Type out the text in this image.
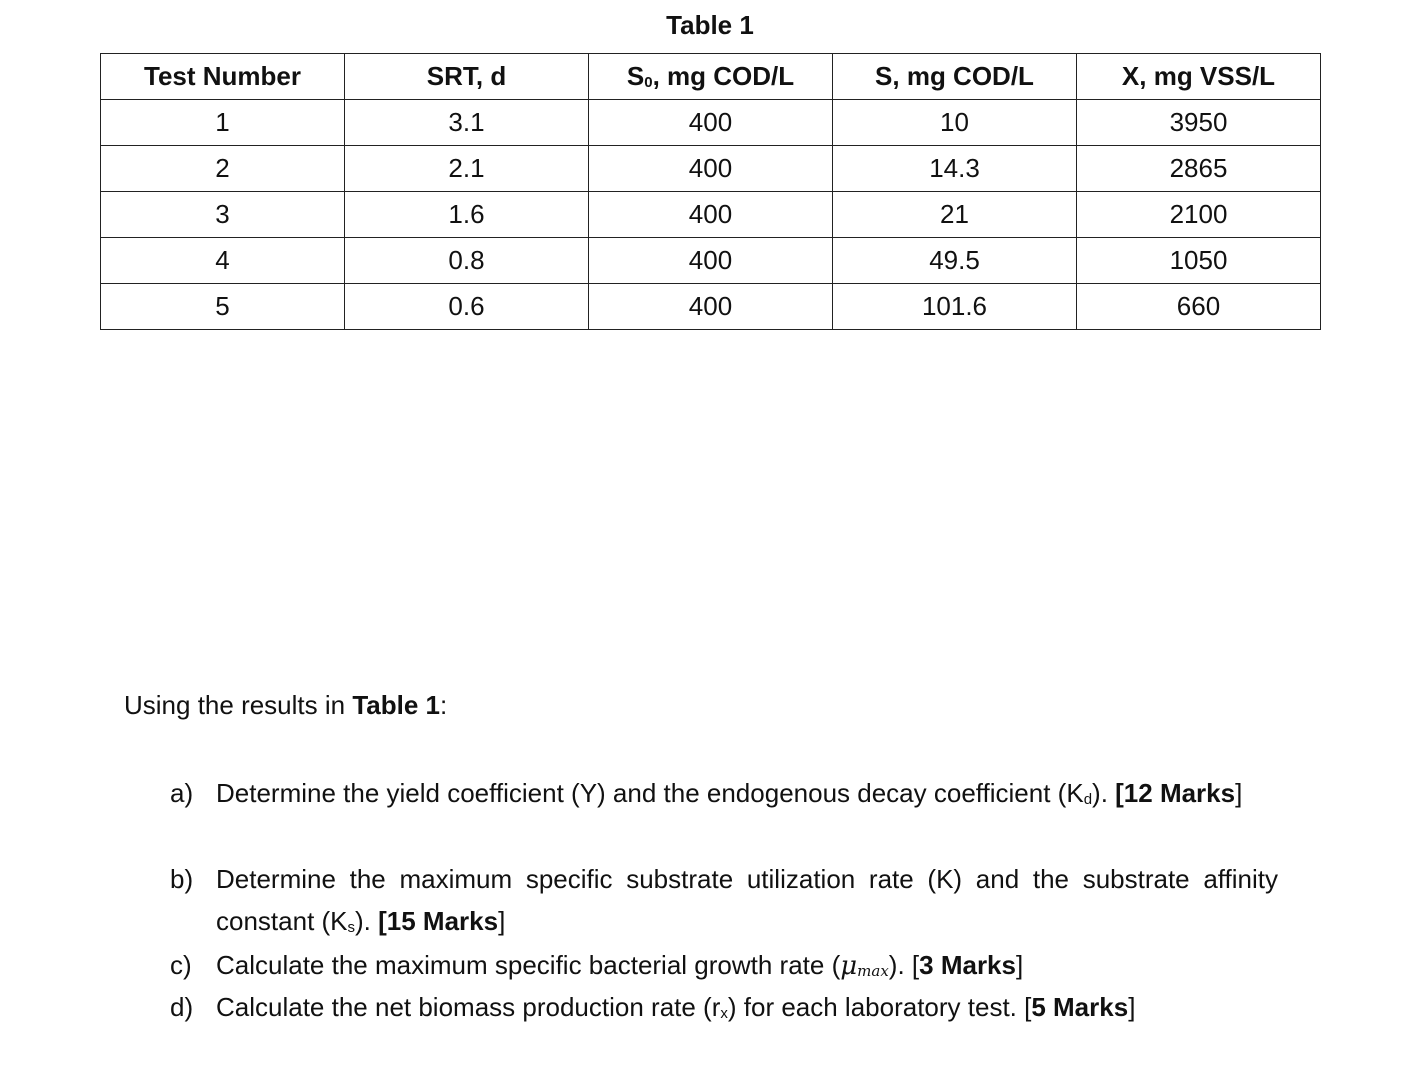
Table 1
Test Number	SRT, d	$S_0$, mg COD/L	S, mg COD/L	X, mg VSS/L
1	3.1	400	10	3950
2	2.1	400	14.3	2865
3	1.6	400	21	2100
4	0.8	400	49.5	1050
5	0.6	400	101.6	660
Using the results in Table 1:
a) Determine the yield coefficient (Y) and the endogenous decay coefficient $(K_d)$. [12 Marks]
b) Determine the maximum specific substrate utilization rate (K) and the substrate affinity constant $(K_s)$. [15 Marks]
c) Calculate the maximum specific bacterial growth rate $(\mu_{max})$. [3 Marks]
d) Calculate the net biomass production rate $(r_x)$ for each laboratory test. [5 Marks]
